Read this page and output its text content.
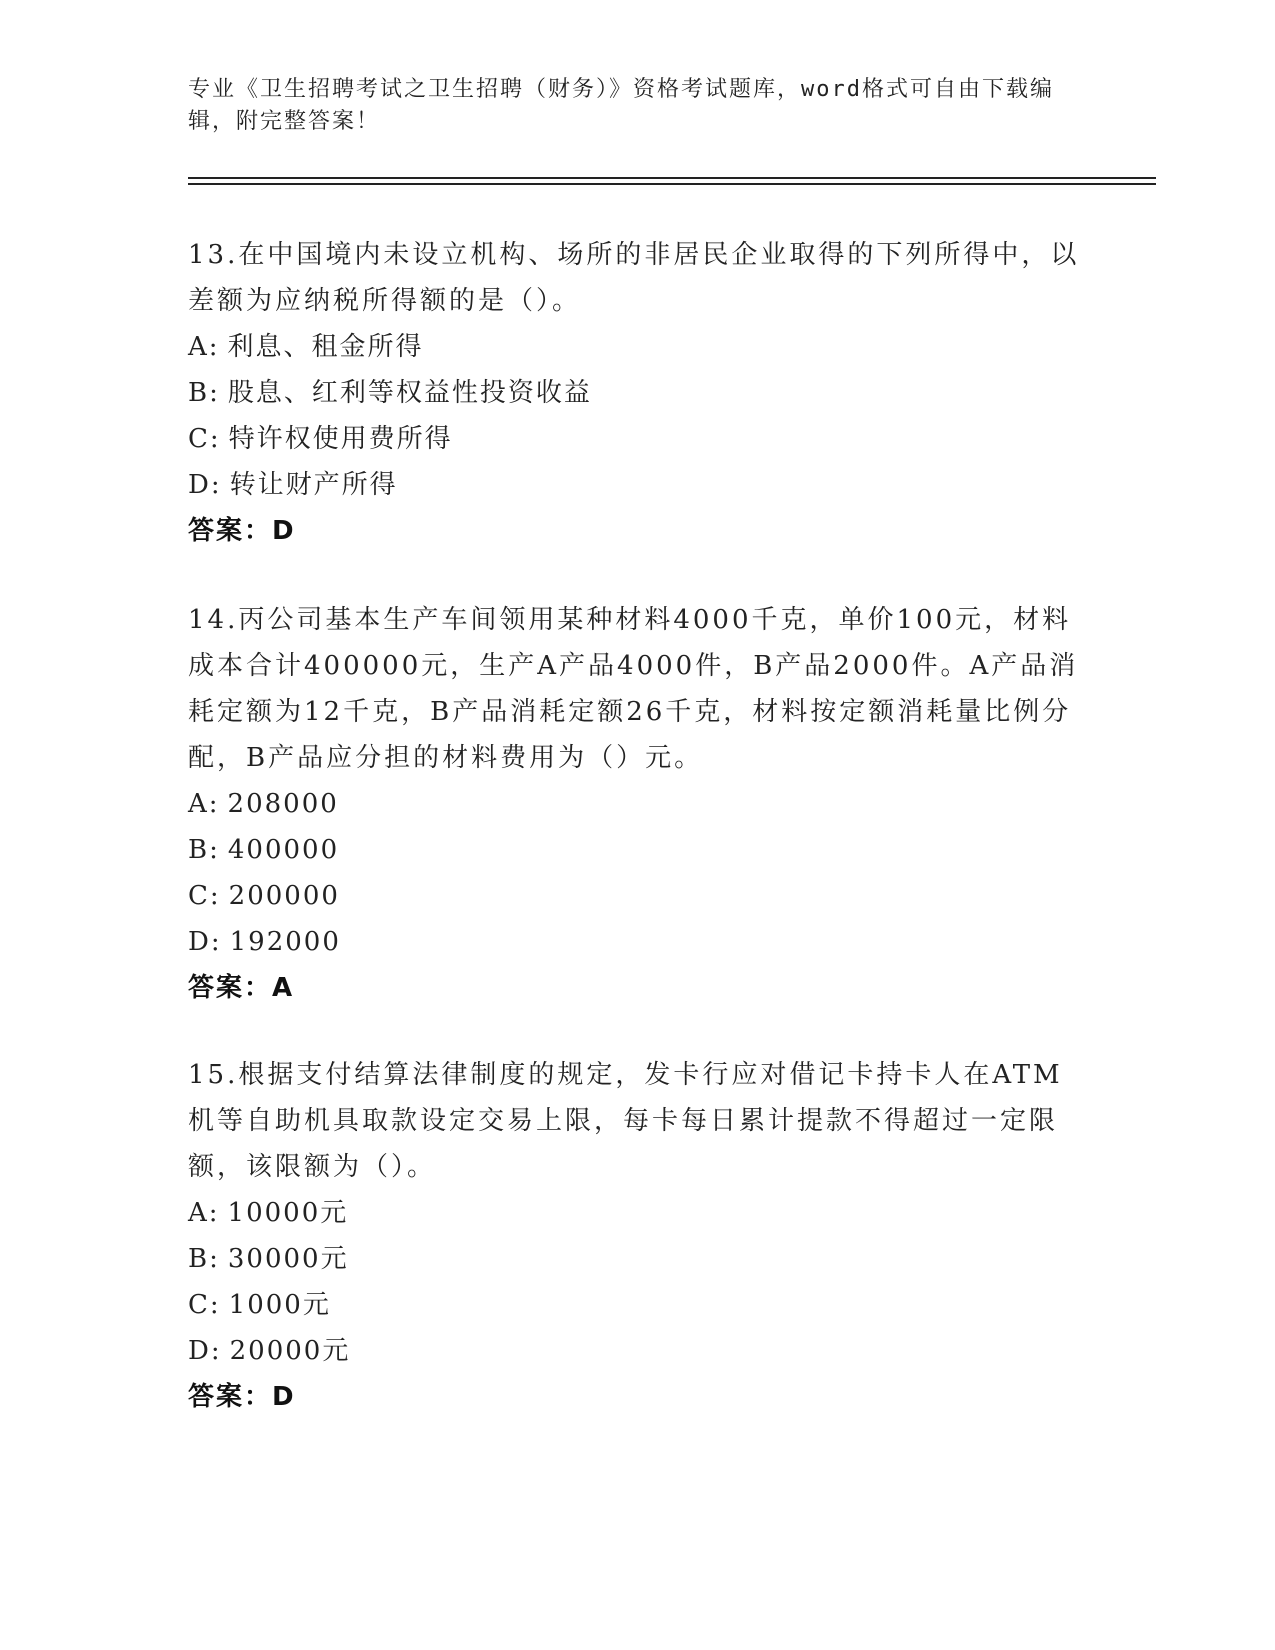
专业《卫生招聘考试之卫生招聘（财务）》资格考试题库，word格式可自由下载编辑，附完整答案！

13.在中国境内未设立机构、场所的非居民企业取得的下列所得中，以差额为应纳税所得额的是（）。

A: 利息、租金所得
B: 股息、红利等权益性投资收益
C: 特许权使用费所得
D: 转让财产所得
答案：D

14.丙公司基本生产车间领用某种材料4000千克，单价100元，材料成本合计400000元，生产A产品4000件，B产品2000件。A产品消耗定额为12千克，B产品消耗定额26千克，材料按定额消耗量比例分配，B产品应分担的材料费用为（）元。

A: 208000
B: 400000
C: 200000
D: 192000
答案：A

15.根据支付结算法律制度的规定，发卡行应对借记卡持卡人在ATM机等自助机具取款设定交易上限，每卡每日累计提款不得超过一定限额，该限额为（）。

A: 10000元
B: 30000元
C: 1000元
D: 20000元
答案：D
